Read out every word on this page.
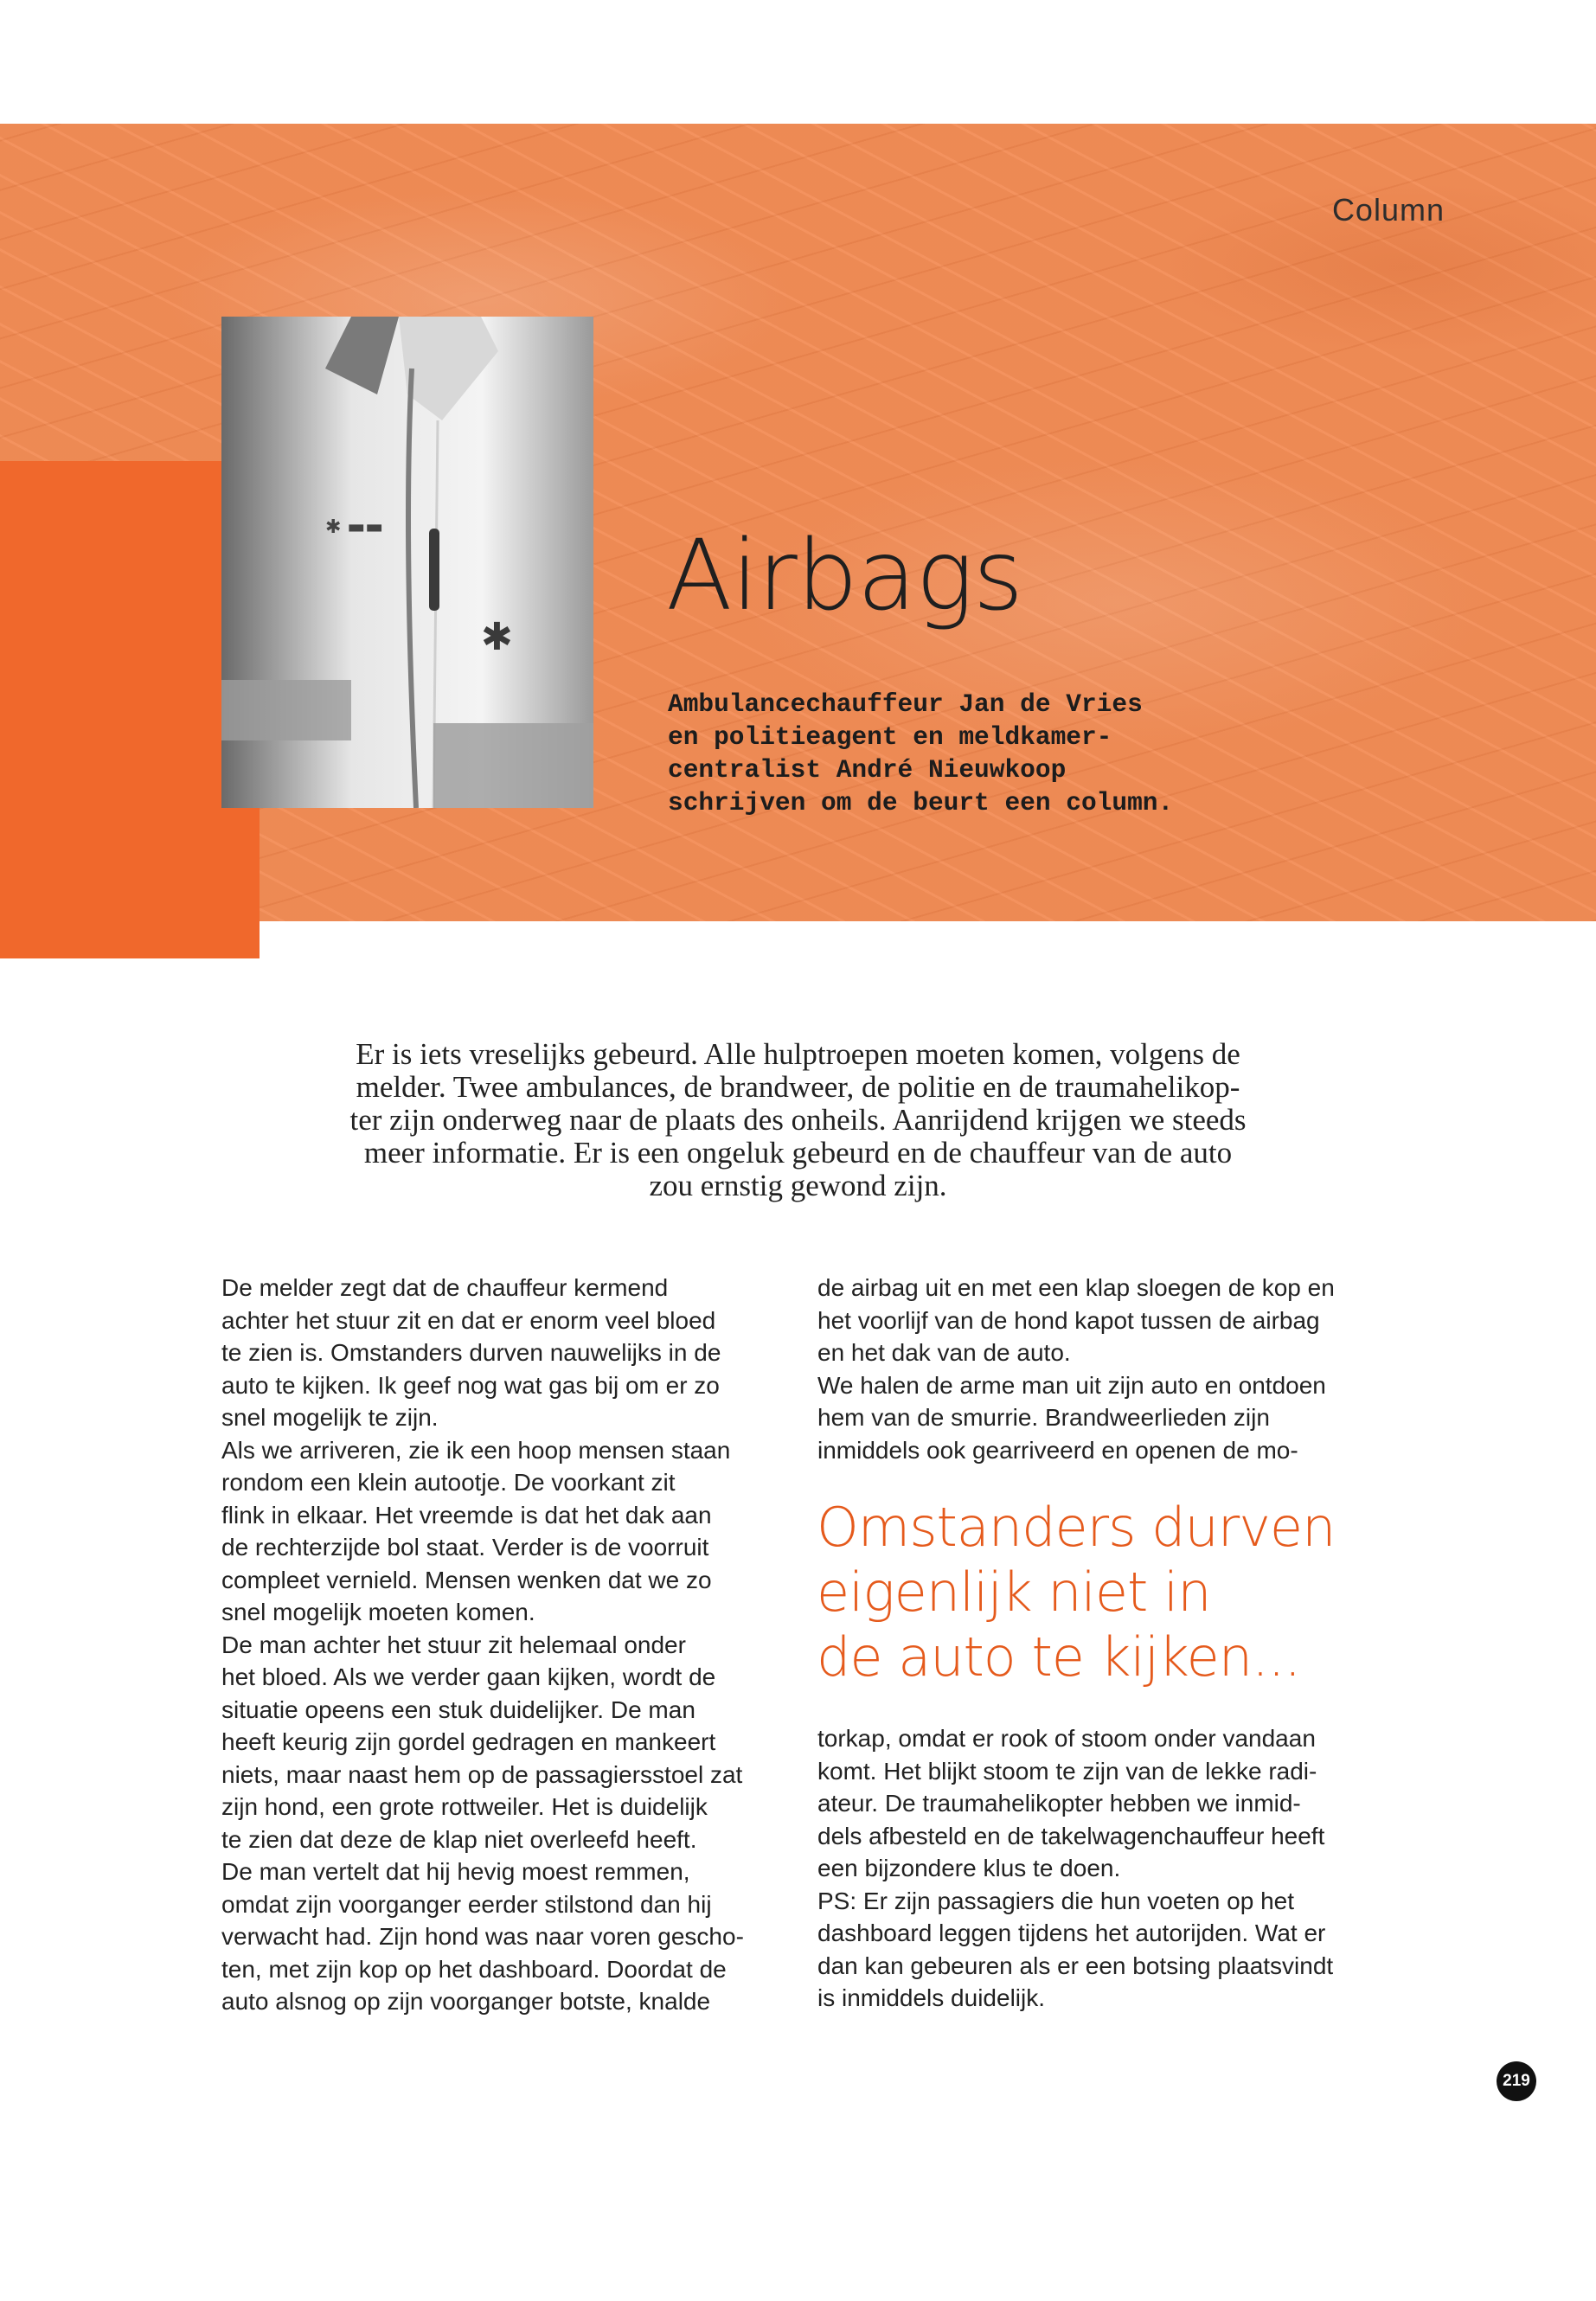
Column
✱
✱ ▬▬	Airbags
Ambulancechauffeur Jan de Vries
en politieagent en meldkamer-
centralist André Nieuwkoop
schrijven om de beurt een column.
Er is iets vreselijks gebeurd. Alle hulptroepen moeten komen, volgens de
melder. Twee ambulances, de brandweer, de politie en de traumahelikop-
ter zijn onderweg naar de plaats des onheils. Aanrijdend krijgen we steeds
meer informatie. Er is een ongeluk gebeurd en de chauffeur van de auto
zou ernstig gewond zijn.

De melder zegt dat de chauffeur kermend

achter het stuur zit en dat er enorm veel bloed

te zien is. Omstanders durven nauwelijks in de

auto te kijken. Ik geef nog wat gas bij om er zo

snel mogelijk te zijn.

Als we arriveren, zie ik een hoop mensen staan

rondom een klein autootje. De voorkant zit

flink in elkaar. Het vreemde is dat het dak aan

de rechterzijde bol staat. Verder is de voorruit

compleet vernield. Mensen wenken dat we zo

snel mogelijk moeten komen.

De man achter het stuur zit helemaal onder

het bloed. Als we verder gaan kijken, wordt de

situatie opeens een stuk duidelijker. De man

heeft keurig zijn gordel gedragen en mankeert

niets, maar naast hem op de passagiersstoel zat

zijn hond, een grote rottweiler. Het is duidelijk

te zien dat deze de klap niet overleefd heeft.

De man vertelt dat hij hevig moest remmen,

omdat zijn voorganger eerder stilstond dan hij

verwacht had. Zijn hond was naar voren gescho-

ten, met zijn kop op het dashboard. Doordat de

auto alsnog op zijn voorganger botste, knalde

de airbag uit en met een klap sloegen de kop en

het voorlijf van de hond kapot tussen de airbag

en het dak van de auto.

We halen de arme man uit zijn auto en ontdoen

hem van de smurrie. Brandweerlieden zijn

inmiddels ook gearriveerd en openen de mo-

Omstanders durven
eigenlijk niet in
de auto te kijken...

torkap, omdat er rook of stoom onder vandaan

komt. Het blijkt stoom te zijn van de lekke radi-

ateur. De traumahelikopter hebben we inmid-

dels afbesteld en de takelwagenchauffeur heeft

een bijzondere klus te doen.

PS: Er zijn passagiers die hun voeten op het

dashboard leggen tijdens het autorijden. Wat er

dan kan gebeuren als er een botsing plaatsvindt

is inmiddels duidelijk.

219
